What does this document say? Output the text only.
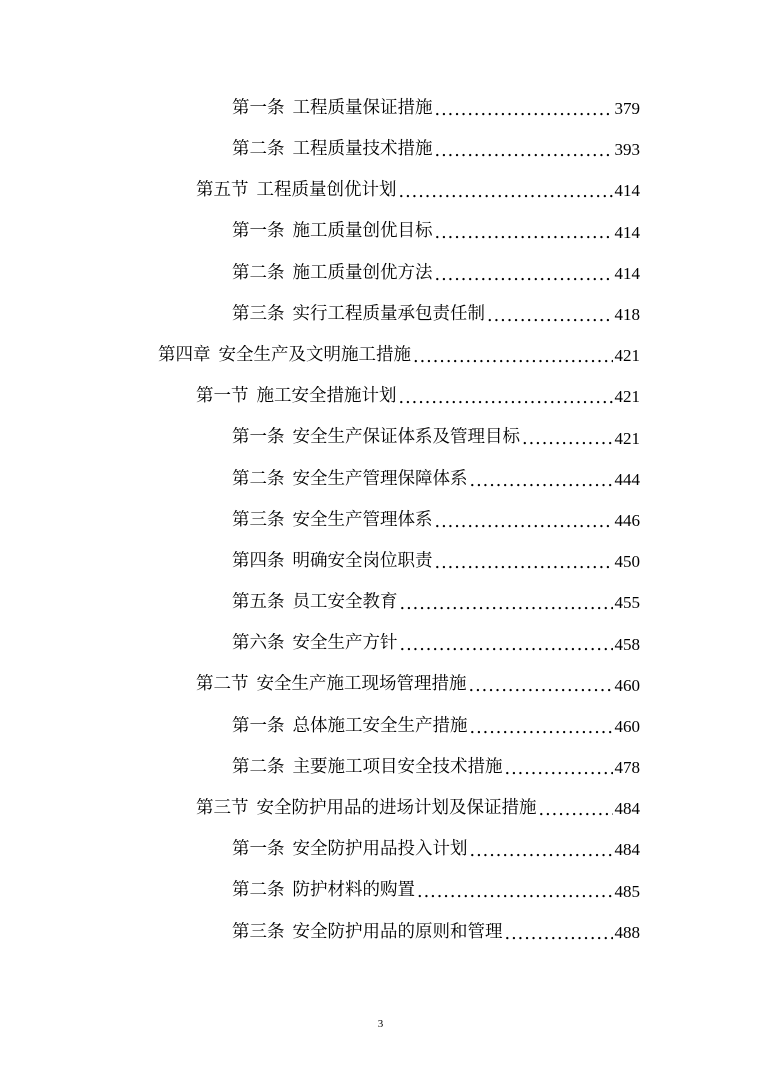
第一条 工程质量保证措施 .....	379
第二条 工程质量技术措施 .....	393
第五节 工程质量创优计划 .....	414
第一条 施工质量创优目标 .....	414
第二条 施工质量创优方法 .....	414
第三条 实行工程质量承包责任制 .....	418
第四章 安全生产及文明施工措施 .....	421
第一节 施工安全措施计划 .....	421
第一条 安全生产保证体系及管理目标 .....	421
第二条 安全生产管理保障体系 .....	444
第三条 安全生产管理体系 .....	446
第四条 明确安全岗位职责 .....	450
第五条 员工安全教育 .....	455
第六条 安全生产方针 .....	458
第二节 安全生产施工现场管理措施 .....	460
第一条 总体施工安全生产措施 .....	460
第二条 主要施工项目安全技术措施 .....	478
第三节 安全防护用品的进场计划及保证措施 .....	484
第一条 安全防护用品投入计划 .....	484
第二条 防护材料的购置 .....	485
第三条 安全防护用品的原则和管理 .....	488
3
